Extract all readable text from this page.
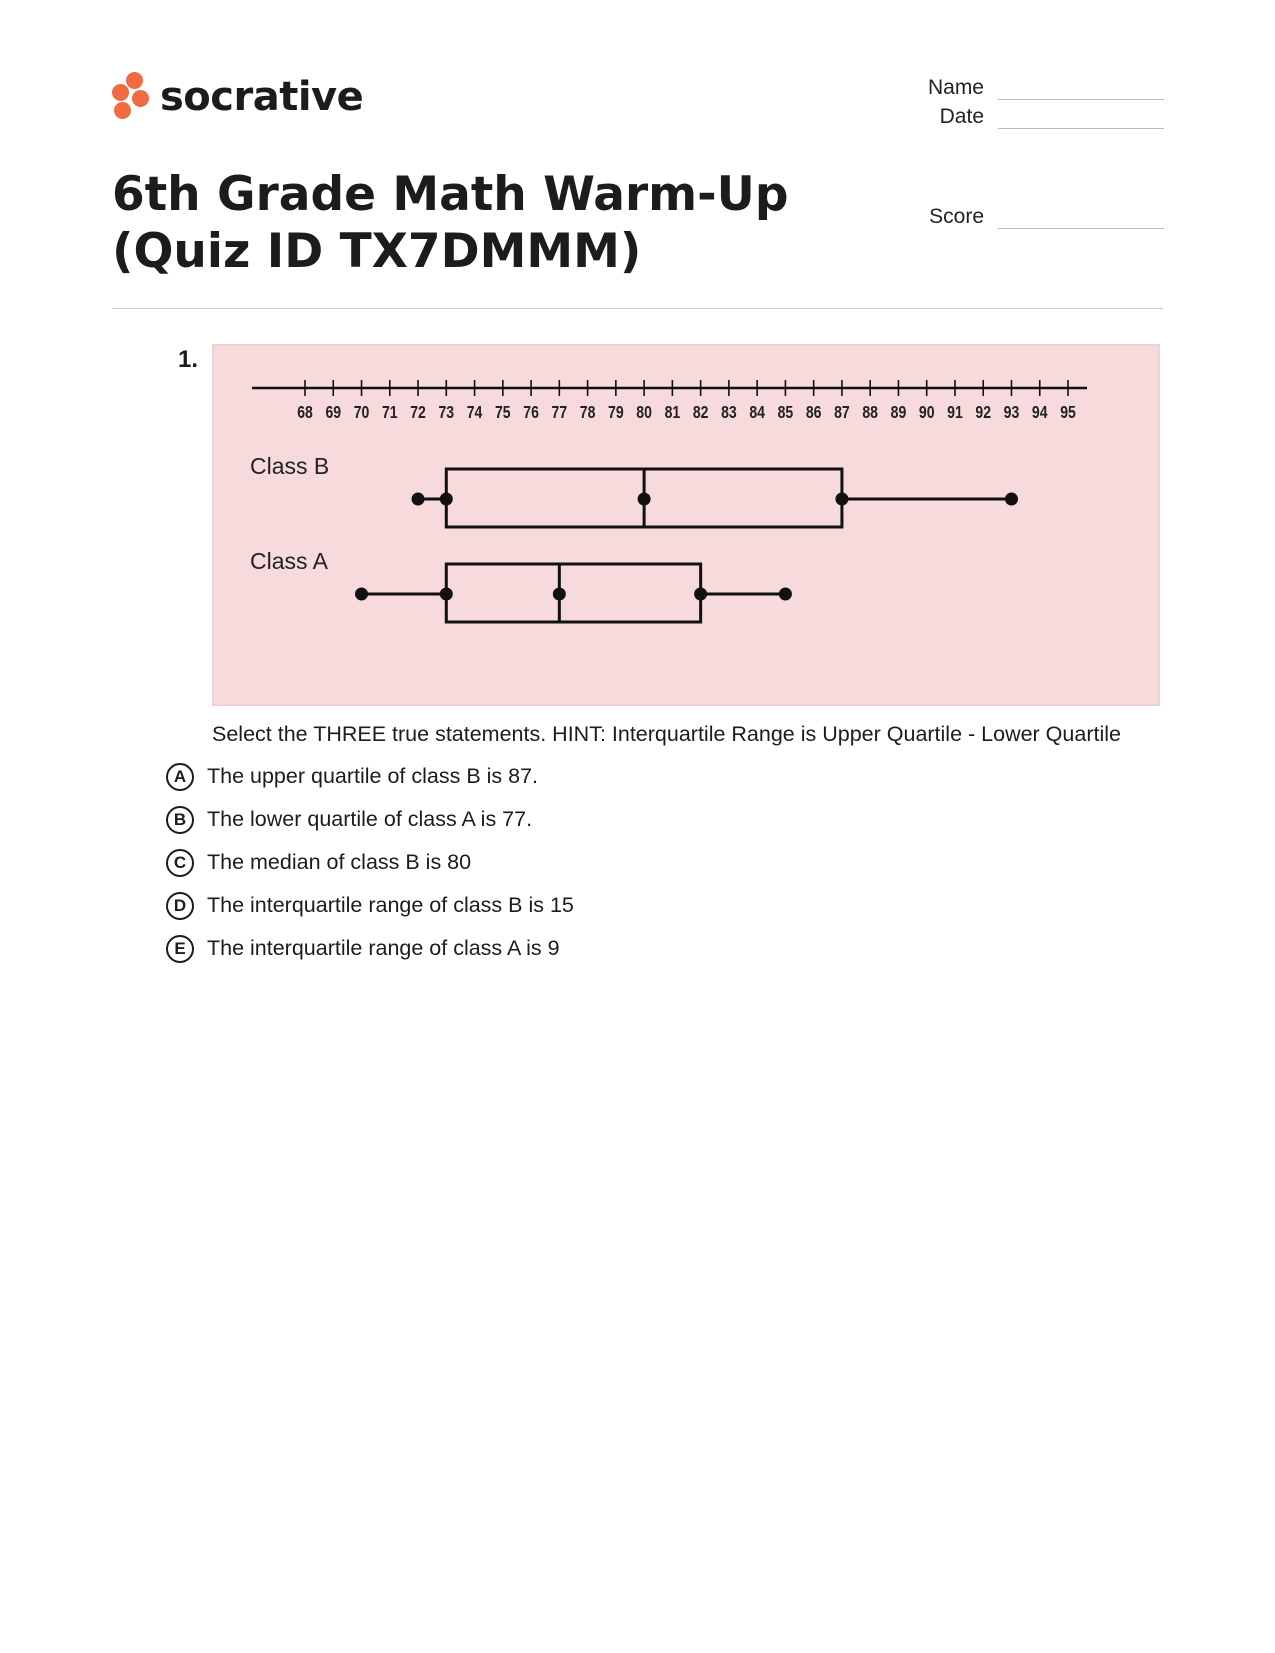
socrative	Name
Date
Score
6th Grade Math Warm-Up (Quiz ID TX7DMMM)
1.
68 69 70 71 72 73 74 75 76 77 78 79 80 81 82 83 84 85 86 87 88 89 90 91 92 93 94 95
Class B
Class A
Select the THREE true statements. HINT: Interquartile Range is Upper Quartile - Lower Quartile
A The upper quartile of class B is 87.
B The lower quartile of class A is 77.
C The median of class B is 80
D The interquartile range of class B is 15
E The interquartile range of class A is 9
